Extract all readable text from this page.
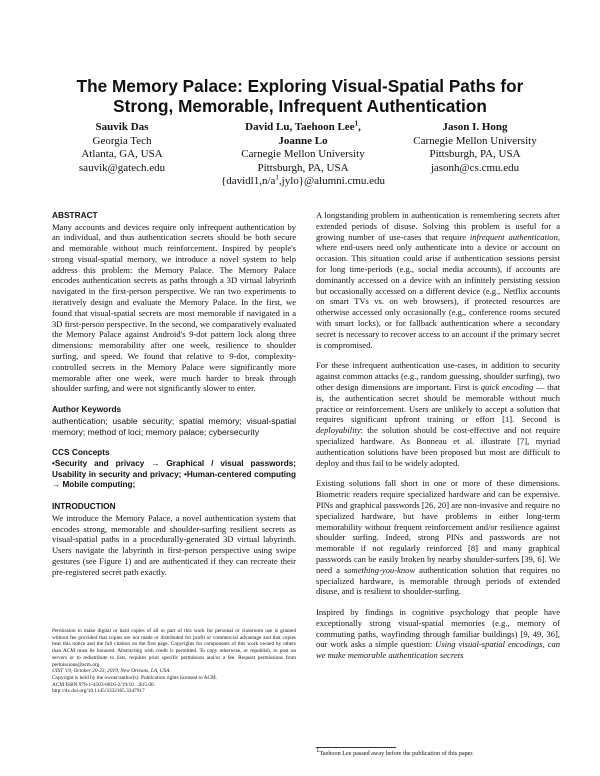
The Memory Palace: Exploring Visual-Spatial Paths for Strong, Memorable, Infrequent Authentication
Sauvik Das
Georgia Tech
Atlanta, GA, USA
sauvik@gatech.edu
David Lu, Taehoon Lee$^1$,
Joanne Lo
Carnegie Mellon University
Pittsburgh, PA, USA
$\{davidl1,n/a^1,jylo\}@alumni.cmu.edu$
Jason I. Hong
Carnegie Mellon University
Pittsburgh, PA, USA
jasonh@cs.cmu.edu
ABSTRACT

Many accounts and devices require only infrequent authentication by an individual, and thus authentication secrets should be both secure and memorable without much reinforcement. Inspired by people's strong visual-spatial memory, we introduce a novel system to help address this problem: the Memory Palace. The Memory Palace encodes authentication secrets as paths through a 3D virtual labyrinth navigated in the first-person perspective. We ran two experiments to iteratively design and evaluate the Memory Palace. In the first, we found that visual-spatial secrets are most memorable if navigated in a 3D first-person perspective. In the second, we comparatively evaluated the Memory Palace against Android's 9-dot pattern lock along three dimensions: memorability after one week, resilience to shoulder surfing, and speed. We found that relative to 9-dot, complexity-controlled secrets in the Memory Palace were significantly more memorable after one week, were much harder to break through shoulder surfing, and were not significantly slower to enter.

Author Keywords

authentication; usable security; spatial memory; visual-spatial memory; method of loci; memory palace; cybersecurity

CCS Concepts

•Security and privacy → Graphical / visual passwords; Usability in security and privacy; •Human-centered computing → Mobile computing;

INTRODUCTION

We introduce the Memory Palace, a novel authentication system that encodes strong, memorable and shoulder-surfing resilient secrets as visual-spatial paths in a procedurally-generated 3D virtual labyrinth. Users navigate the labyrinth in first-person perspective using swipe gestures (see Figure 1) and are authenticated if they can recreate their pre-registered secret path exactly.

Permission to make digital or hard copies of all or part of this work for personal or classroom use is granted without fee provided that copies are not made or distributed for profit or commercial advantage and that copies bear this notice and the full citation on the first page. Copyrights for components of this work owned by others than ACM must be honored. Abstracting with credit is permitted. To copy otherwise, or republish, to post on servers or to redistribute to lists, requires prior specific permission and/or a fee. Request permissions from permissions@acm.org.

UIST '19, October 20-23, 2019, New Orleans, LA, USA.

Copyright is held by the owner/author(s). Publication rights licensed to ACM.

ACM ISBN 978-1-4503-6816-2/19/10 ...$15.00.

http://dx.doi.org/10.1145/3332165.3347917

A longstanding problem in authentication is remembering secrets after extended periods of disuse. Solving this problem is useful for a growing number of use-cases that require infrequent authentication, where end-users need only authenticate into a device or account on occasion. This situation could arise if authentication sessions persist for long time-periods (e.g., social media accounts), if accounts are dominantly accessed on a device with an infinitely persisting session but occasionally accessed on a different device (e.g., Netflix accounts on smart TVs vs. on web browsers), if protected resources are otherwise accessed only occasionally (e.g., conference rooms secured with smart locks), or for fallback authentication where a secondary secret is necessary to recover access to an account if the primary secret is compromised.

For these infrequent authentication use-cases, in addition to security against common attacks (e.g., random guessing, shoulder surfing), two other design dimensions are important. First is quick encoding — that is, the authentication secret should be memorable without much practice or reinforcement. Users are unlikely to accept a solution that requires significant upfront training or effort [1]. Second is deployability: the solution should be cost-effective and not require specialized hardware. As Bonneau et al. illustrate [7], myriad authentication solutions have been proposed but most are difficult to deploy and thus fail to be widely adopted.

Existing solutions fall short in one or more of these dimensions. Biometric readers require specialized hardware and can be expensive. PINs and graphical passwords [26, 20] are non-invasive and require no specialized hardware, but have problems in either long-term memorability without frequent reinforcement and/or resilience against shoulder surfing. Indeed, strong PINs and passwords are not memorable if not regularly reinforced [8] and many graphical passwords can be easily broken by nearby shoulder-surfers [39, 6]. We need a something-you-know authentication solution that requires no specialized hardware, is memorable through periods of extended disuse, and is resilient to shoulder-surfing.

Inspired by findings in cognitive psychology that people have exceptionally strong visual-spatial memories (e.g., memory of commuting paths, wayfinding through familiar buildings) [9, 49, 36], our work asks a simple question: Using visual-spatial encodings, can we make memorable authentication secrets

1Taehoon Lee passed away before the publication of this paper.
